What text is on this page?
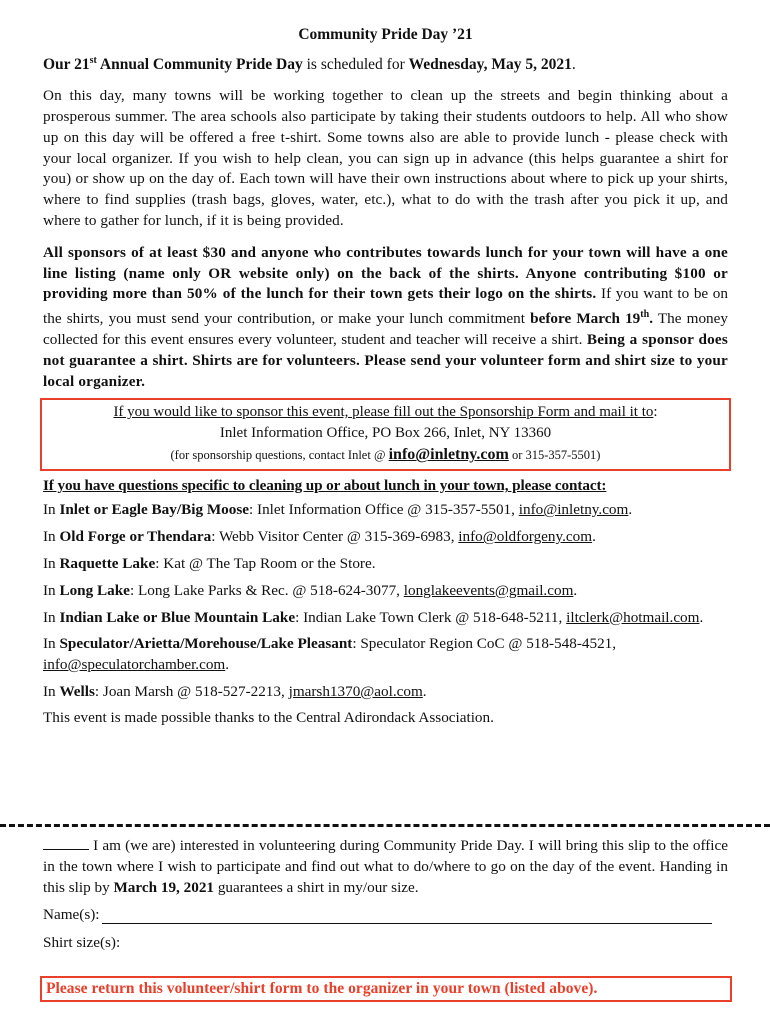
Community Pride Day ’21
Our 21st Annual Community Pride Day is scheduled for Wednesday, May 5, 2021.

On this day, many towns will be working together to clean up the streets and begin thinking about a prosperous summer. The area schools also participate by taking their students outdoors to help. All who show up on this day will be offered a free t-shirt. Some towns also are able to provide lunch - please check with your local organizer. If you wish to help clean, you can sign up in advance (this helps guarantee a shirt for you) or show up on the day of. Each town will have their own instructions about where to pick up your shirts, where to find supplies (trash bags, gloves, water, etc.), what to do with the trash after you pick it up, and where to gather for lunch, if it is being provided.

All sponsors of at least $30 and anyone who contributes towards lunch for your town will have a one line listing (name only OR website only) on the back of the shirts. Anyone contributing $100 or providing more than 50% of the lunch for their town gets their logo on the shirts. If you want to be on the shirts, you must send your contribution, or make your lunch commitment before March 19th. The money collected for this event ensures every volunteer, student and teacher will receive a shirt. Being a sponsor does not guarantee a shirt. Shirts are for volunteers. Please send your volunteer form and shirt size to your local organizer.

If you would like to sponsor this event, please fill out the Sponsorship Form and mail it to:
Inlet Information Office, PO Box 266, Inlet, NY 13360
(for sponsorship questions, contact Inlet @ info@inletny.com or 315-357-5501)
If you have questions specific to cleaning up or about lunch in your town, please contact:
In Inlet or Eagle Bay/Big Moose: Inlet Information Office @ 315-357-5501, info@inletny.com.
In Old Forge or Thendara: Webb Visitor Center @ 315-369-6983, info@oldforgeny.com.
In Raquette Lake: Kat @ The Tap Room or the Store.
In Long Lake: Long Lake Parks & Rec. @ 518-624-3077, longlakeevents@gmail.com.
In Indian Lake or Blue Mountain Lake: Indian Lake Town Clerk @ 518-648-5211, iltclerk@hotmail.com.
In Speculator/Arietta/Morehouse/Lake Pleasant: Speculator Region CoC @ 518-548-4521, info@speculatorchamber.com.
In Wells: Joan Marsh @ 518-527-2213, jmarsh1370@aol.com.
This event is made possible thanks to the Central Adirondack Association.

I am (we are) interested in volunteering during Community Pride Day. I will bring this slip to the office in the town where I wish to participate and find out what to do/where to go on the day of the event. Handing in this slip by March 19, 2021 guarantees a shirt in my/our size.

Name(s):
Shirt size(s):
Please return this volunteer/shirt form to the organizer in your town (listed above).
